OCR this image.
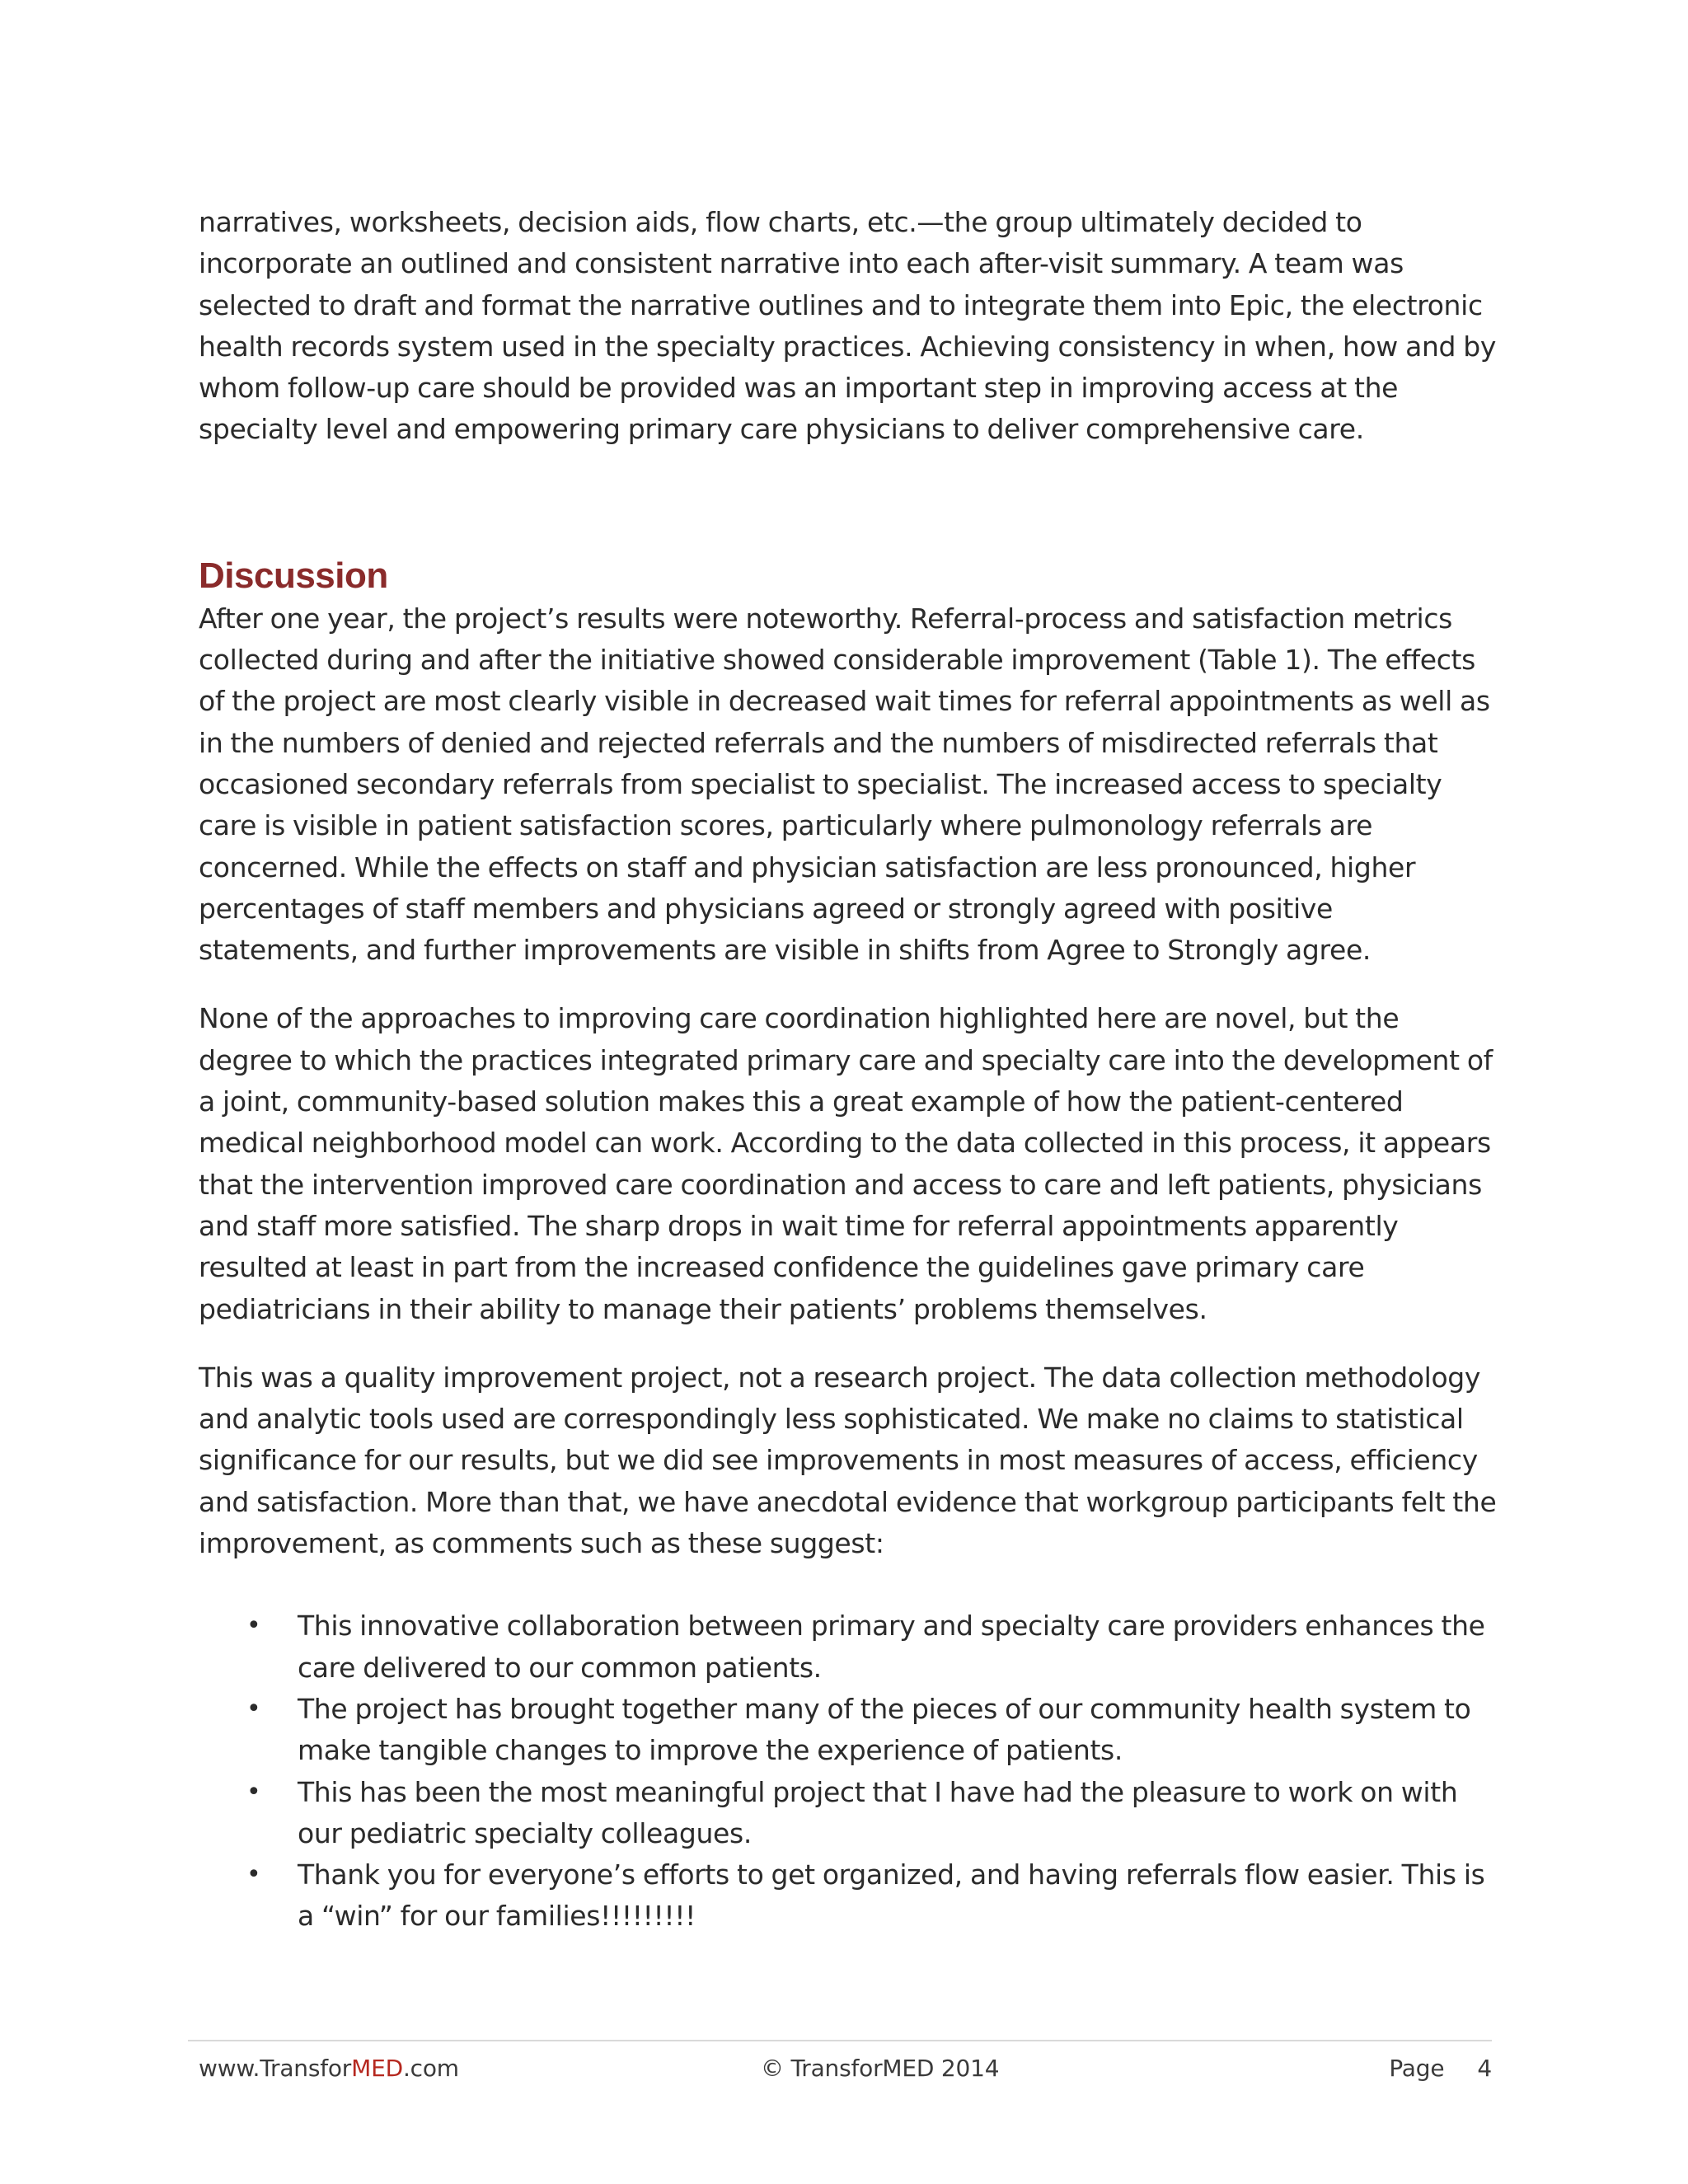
narratives, worksheets, decision aids, flow charts, etc.—the group ultimately decided to incorporate an outlined and consistent narrative into each after-visit summary. A team was selected to draft and format the narrative outlines and to integrate them into Epic, the electronic health records system used in the specialty practices. Achieving consistency in when, how and by whom follow-up care should be provided was an important step in improving access at the specialty level and empowering primary care physicians to deliver comprehensive care.

Discussion

After one year, the project’s results were noteworthy. Referral-process and satisfaction metrics collected during and after the initiative showed considerable improvement (Table 1). The effects of the project are most clearly visible in decreased wait times for referral appointments as well as in the numbers of denied and rejected referrals and the numbers of misdirected referrals that occasioned secondary referrals from specialist to specialist. The increased access to specialty care is visible in patient satisfaction scores, particularly where pulmonology referrals are concerned. While the effects on staff and physician satisfaction are less pronounced, higher percentages of staff members and physicians agreed or strongly agreed with positive statements, and further improvements are visible in shifts from Agree to Strongly agree.

None of the approaches to improving care coordination highlighted here are novel, but the degree to which the practices integrated primary care and specialty care into the development of a joint, community-based solution makes this a great example of how the patient-centered medical neighborhood model can work. According to the data collected in this process, it appears that the intervention improved care coordination and access to care and left patients, physicians and staff more satisfied. The sharp drops in wait time for referral appointments apparently resulted at least in part from the increased confidence the guidelines gave primary care pediatricians in their ability to manage their patients’ problems themselves.

This was a quality improvement project, not a research project. The data collection methodology and analytic tools used are correspondingly less sophisticated. We make no claims to statistical significance for our results, but we did see improvements in most measures of access, efficiency and satisfaction. More than that, we have anecdotal evidence that workgroup participants felt the improvement, as comments such as these suggest:

•	This innovative collaboration between primary and specialty care providers enhances the care delivered to our common patients.
•	The project has brought together many of the pieces of our community health system to make tangible changes to improve the experience of patients.
•	This has been the most meaningful project that I have had the pleasure to work on with our pediatric specialty colleagues.
•	Thank you for everyone’s efforts to get organized, and having referrals flow easier. This is a “win” for our families!!!!!!!!!
www.TransforMED.com	© TransforMED 2014	Page 4
